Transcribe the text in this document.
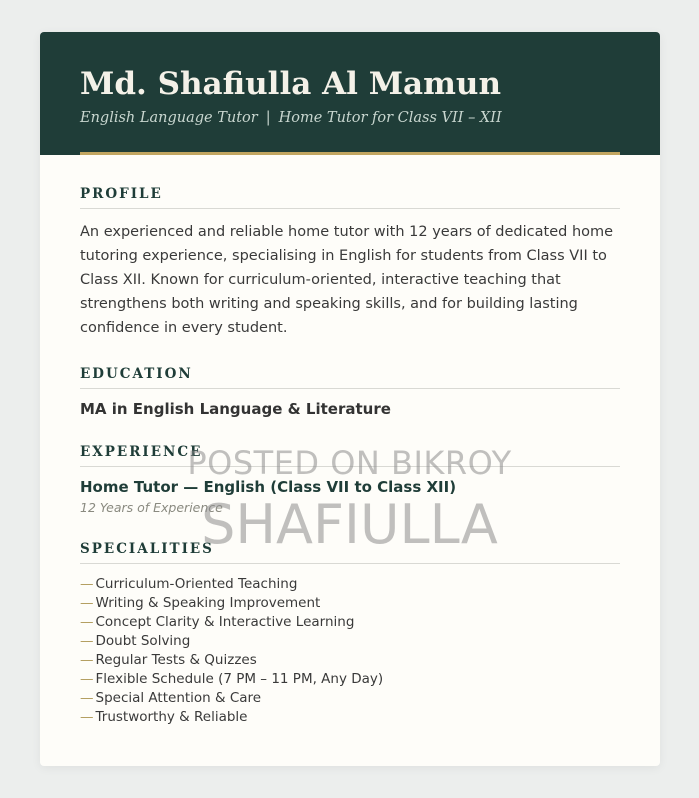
Md. Shafiulla Al Mamun
English Language Tutor | Home Tutor for Class VII – XII
PROFILE

An experienced and reliable home tutor with 12 years of dedicated home tutoring experience, specialising in English for students from Class VII to Class XII. Known for curriculum-oriented, interactive teaching that strengthens both writing and speaking skills, and for building lasting confidence in every student.

EDUCATION
MA in English Language & Literature
EXPERIENCE
Home Tutor — English (Class VII to Class XII)
12 Years of Experience
SPECIALITIES
— Curriculum-Oriented Teaching
— Writing & Speaking Improvement
— Concept Clarity & Interactive Learning
— Doubt Solving
— Regular Tests & Quizzes
— Flexible Schedule (7 PM – 11 PM, Any Day)
— Special Attention & Care
— Trustworthy & Reliable
POSTED ON BIKROY
SHAFIULLA
